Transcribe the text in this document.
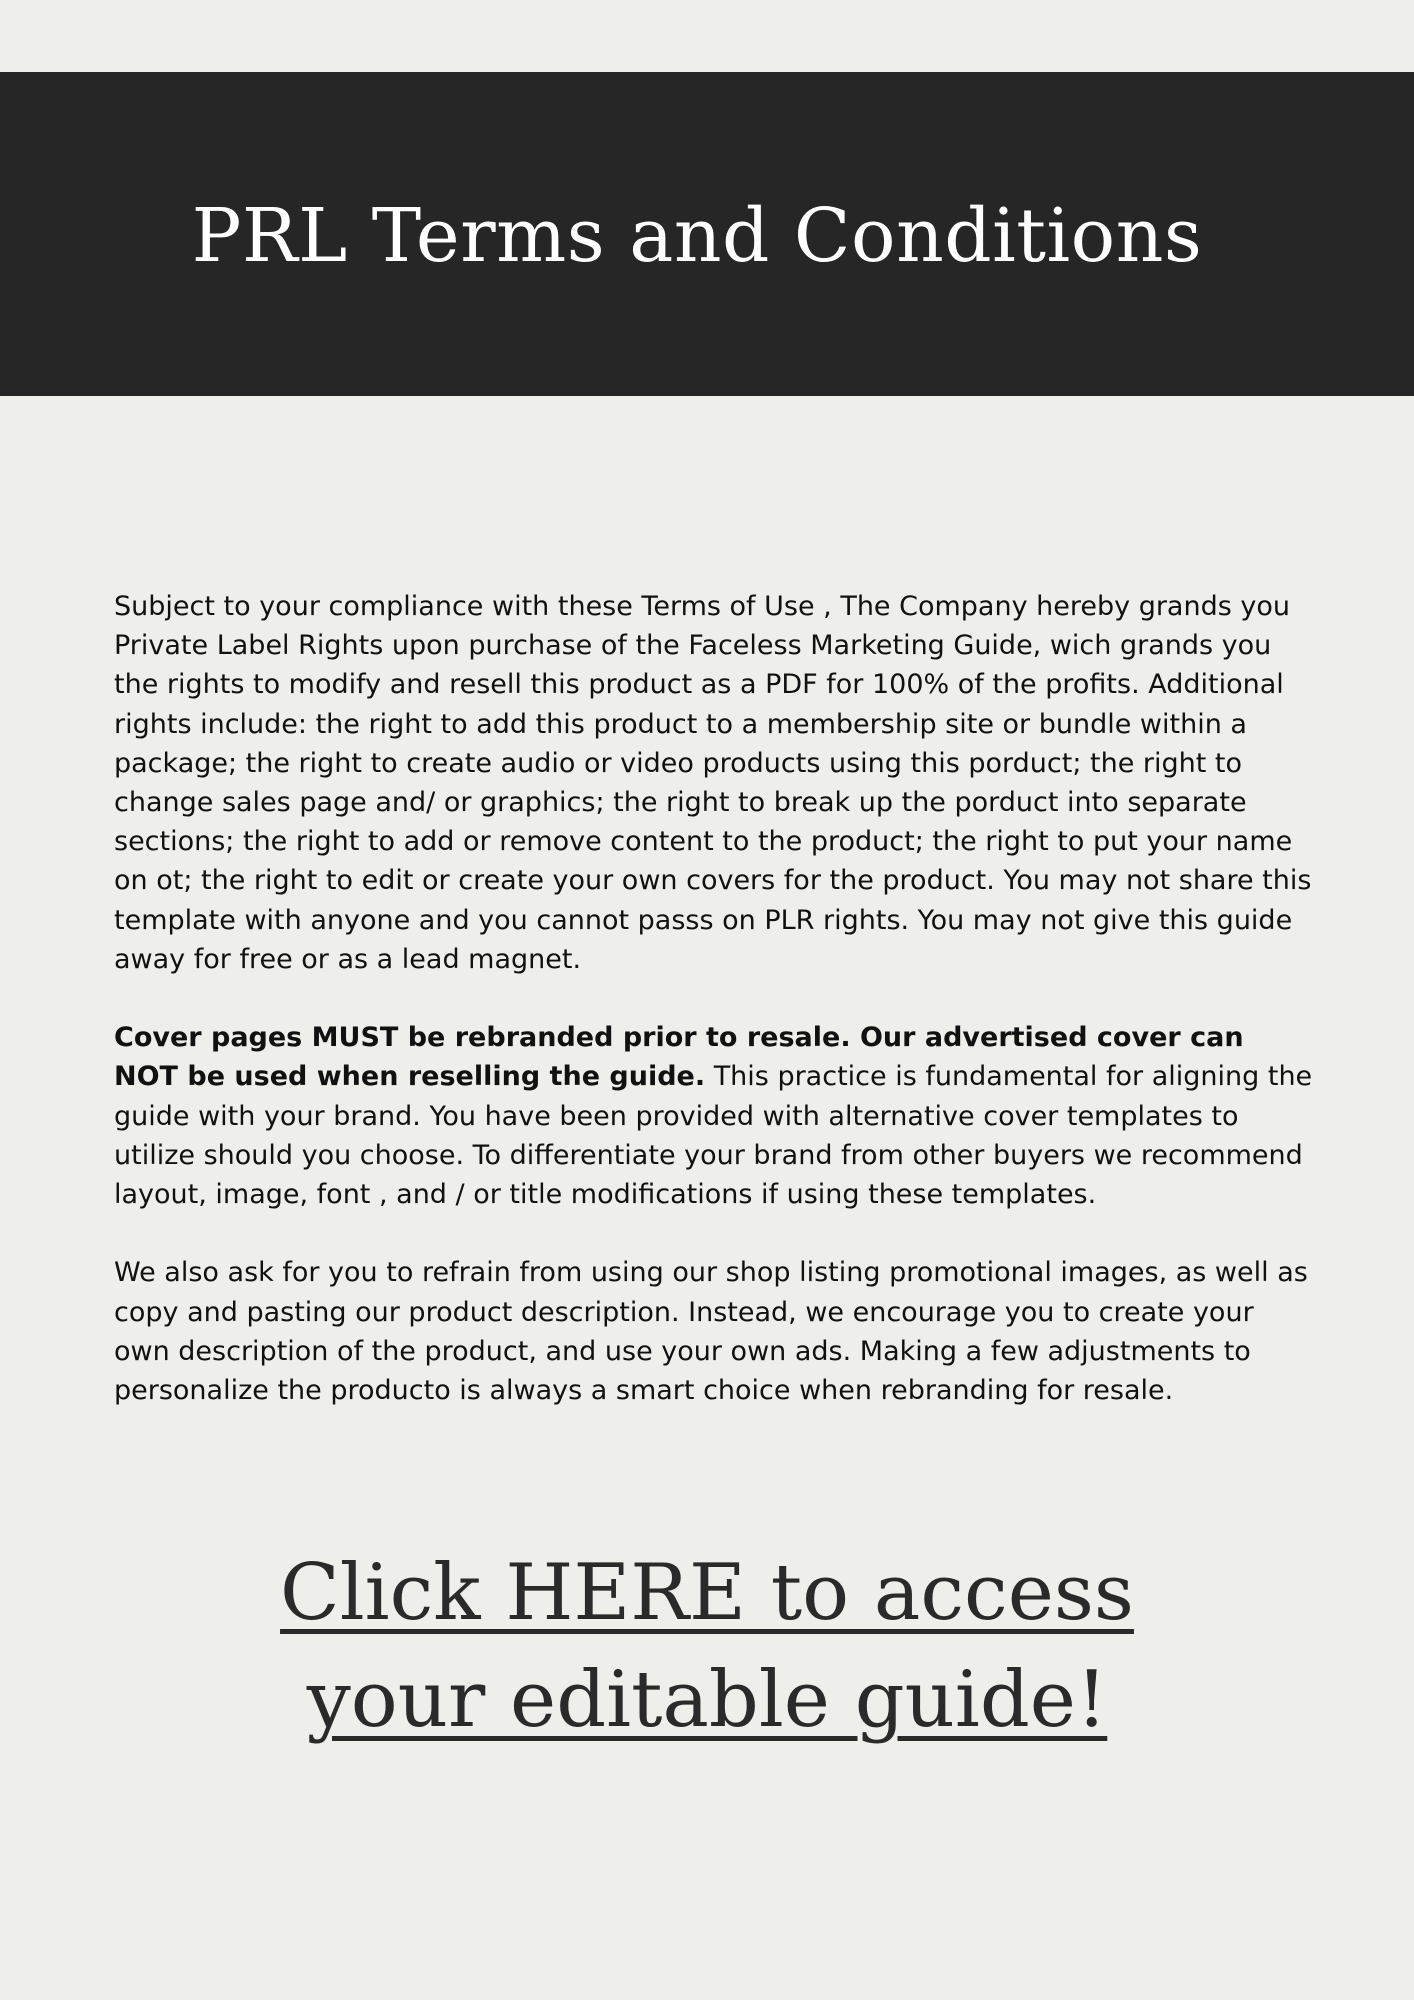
PRL Terms and Conditions

Subject to your compliance with these Terms of Use , The Company hereby grands you Private Label Rights upon purchase of the Faceless Marketing Guide, wich grands you the rights to modify and resell this product as a PDF for 100% of the profits. Additional rights include: the right to add this product to a membership site or bundle within a package; the right to create audio or video products using this porduct; the right to change sales page and/ or graphics; the right to break up the porduct into separate sections; the right to add or remove content to the product; the right to put your name on ot; the right to edit or create your own covers for the product. You may not share this template with anyone and you cannot passs on PLR rights. You may not give this guide away for free or as a lead magnet.

Cover pages MUST be rebranded prior to resale. Our advertised cover can NOT be used when reselling the guide. This practice is fundamental for aligning the guide with your brand. You have been provided with alternative cover templates to utilize should you choose. To differentiate your brand from other buyers we recommend layout, image, font , and / or title modifications if using these templates.

We also ask for you to refrain from using our shop listing promotional images, as well as copy and pasting our product description. Instead, we encourage you to create your own description of the product, and use your own ads. Making a few adjustments to personalize the producto is always a smart choice when rebranding for resale.

Click HERE to access
your editable guide!
